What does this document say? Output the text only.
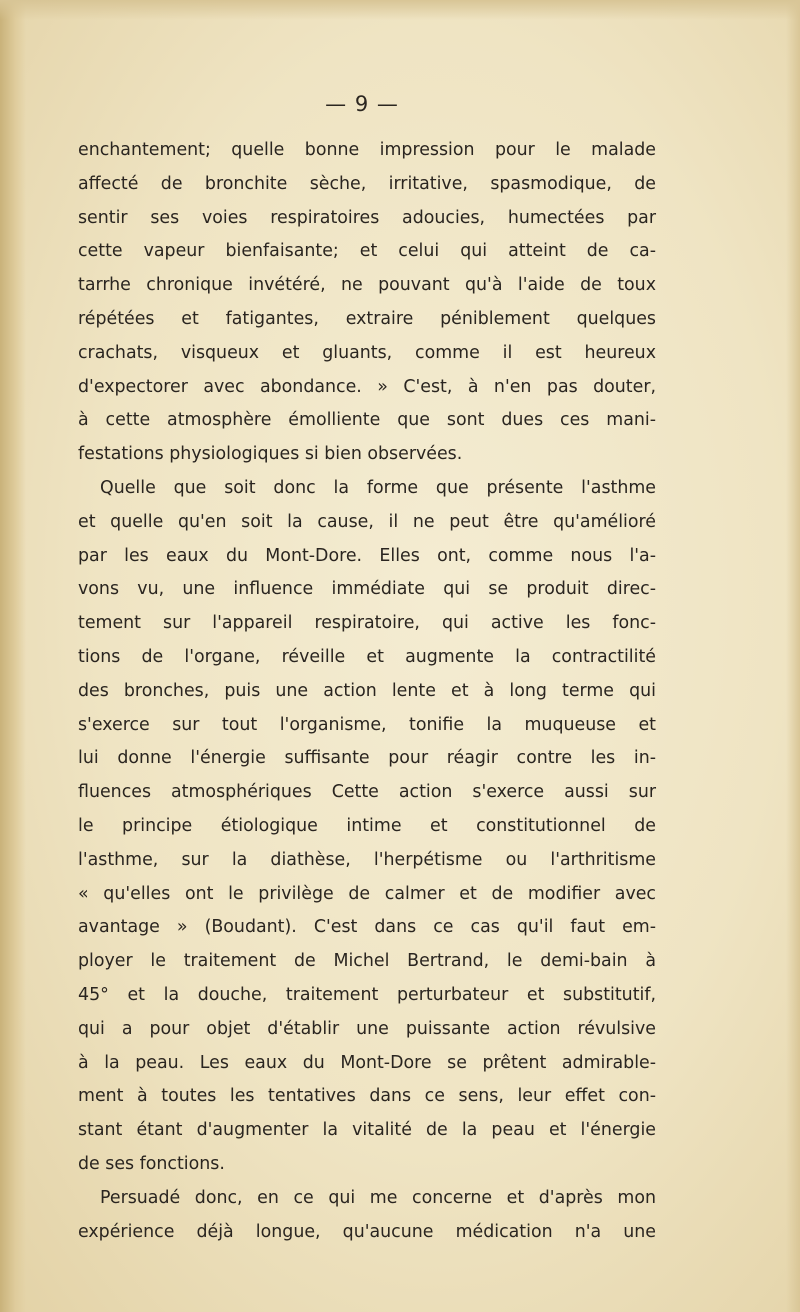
— 9 —
enchantement; quelle bonne impression pour le malade
affecté de bronchite sèche, irritative, spasmodique, de
sentir ses voies respiratoires adoucies, humectées par
cette vapeur bienfaisante; et celui qui atteint de ca-
tarrhe chronique invétéré, ne pouvant qu'à l'aide de toux
répétées et fatigantes, extraire péniblement quelques
crachats, visqueux et gluants, comme il est heureux
d'expectorer avec abondance. » C'est, à n'en pas douter,
à cette atmosphère émolliente que sont dues ces mani-
festations physiologiques si bien observées.
Quelle que soit donc la forme que présente l'asthme
et quelle qu'en soit la cause, il ne peut être qu'amélioré
par les eaux du Mont-Dore. Elles ont, comme nous l'a-
vons vu, une influence immédiate qui se produit direc-
tement sur l'appareil respiratoire, qui active les fonc-
tions de l'organe, réveille et augmente la contractilité
des bronches, puis une action lente et à long terme qui
s'exerce sur tout l'organisme, tonifie la muqueuse et
lui donne l'énergie suffisante pour réagir contre les in-
fluences atmosphériques Cette action s'exerce aussi sur
le principe étiologique intime et constitutionnel de
l'asthme, sur la diathèse, l'herpétisme ou l'arthritisme
« qu'elles ont le privilège de calmer et de modifier avec
avantage » (Boudant). C'est dans ce cas qu'il faut em-
ployer le traitement de Michel Bertrand, le demi-bain à
45° et la douche, traitement perturbateur et substitutif,
qui a pour objet d'établir une puissante action révulsive
à la peau. Les eaux du Mont-Dore se prêtent admirable-
ment à toutes les tentatives dans ce sens, leur effet con-
stant étant d'augmenter la vitalité de la peau et l'énergie
de ses fonctions.
Persuadé donc, en ce qui me concerne et d'après mon
expérience déjà longue, qu'aucune médication n'a une
